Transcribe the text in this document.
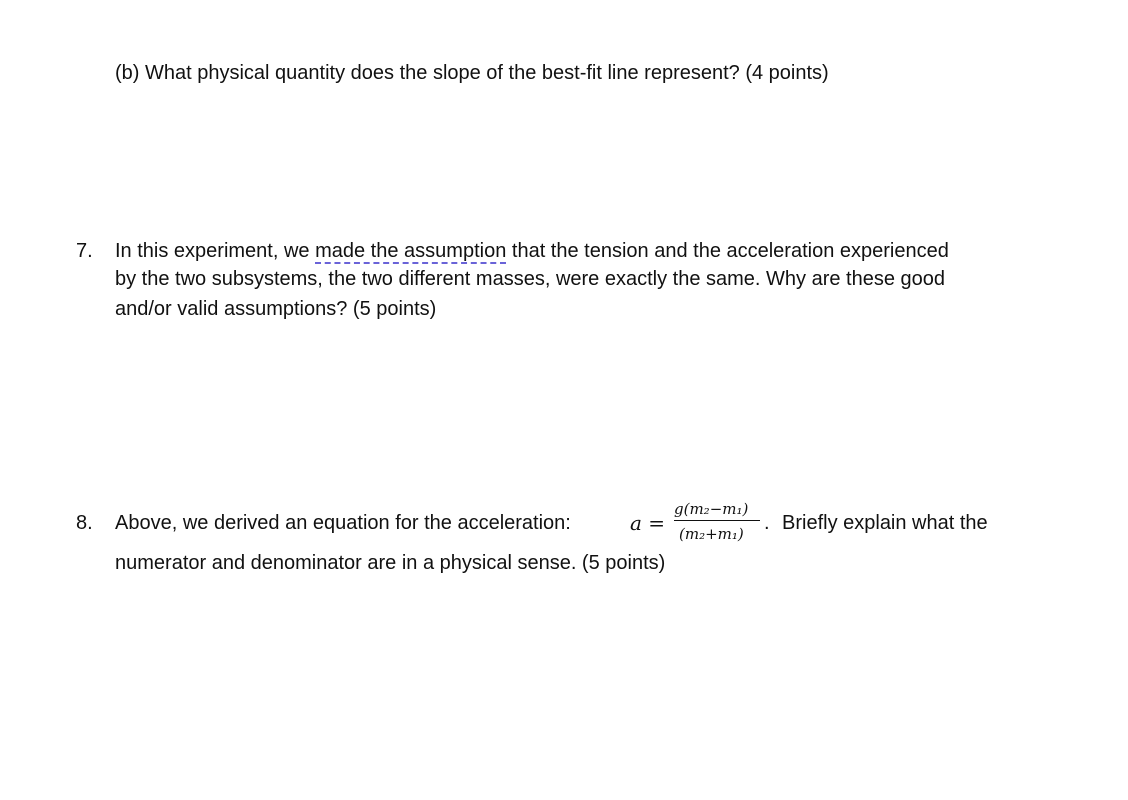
(b) What physical quantity does the slope of the best-fit line represent? (4 points)
7. In this experiment, we made the assumption that the tension and the acceleration experienced
by the two subsystems, the two different masses, were exactly the same. Why are these good
and/or valid assumptions? (5 points)
8. Above, we derived an equation for the acceleration:	a =
g(m₂−m₁)
(m₂+m₁) . Briefly explain what the
numerator and denominator are in a physical sense. (5 points)
